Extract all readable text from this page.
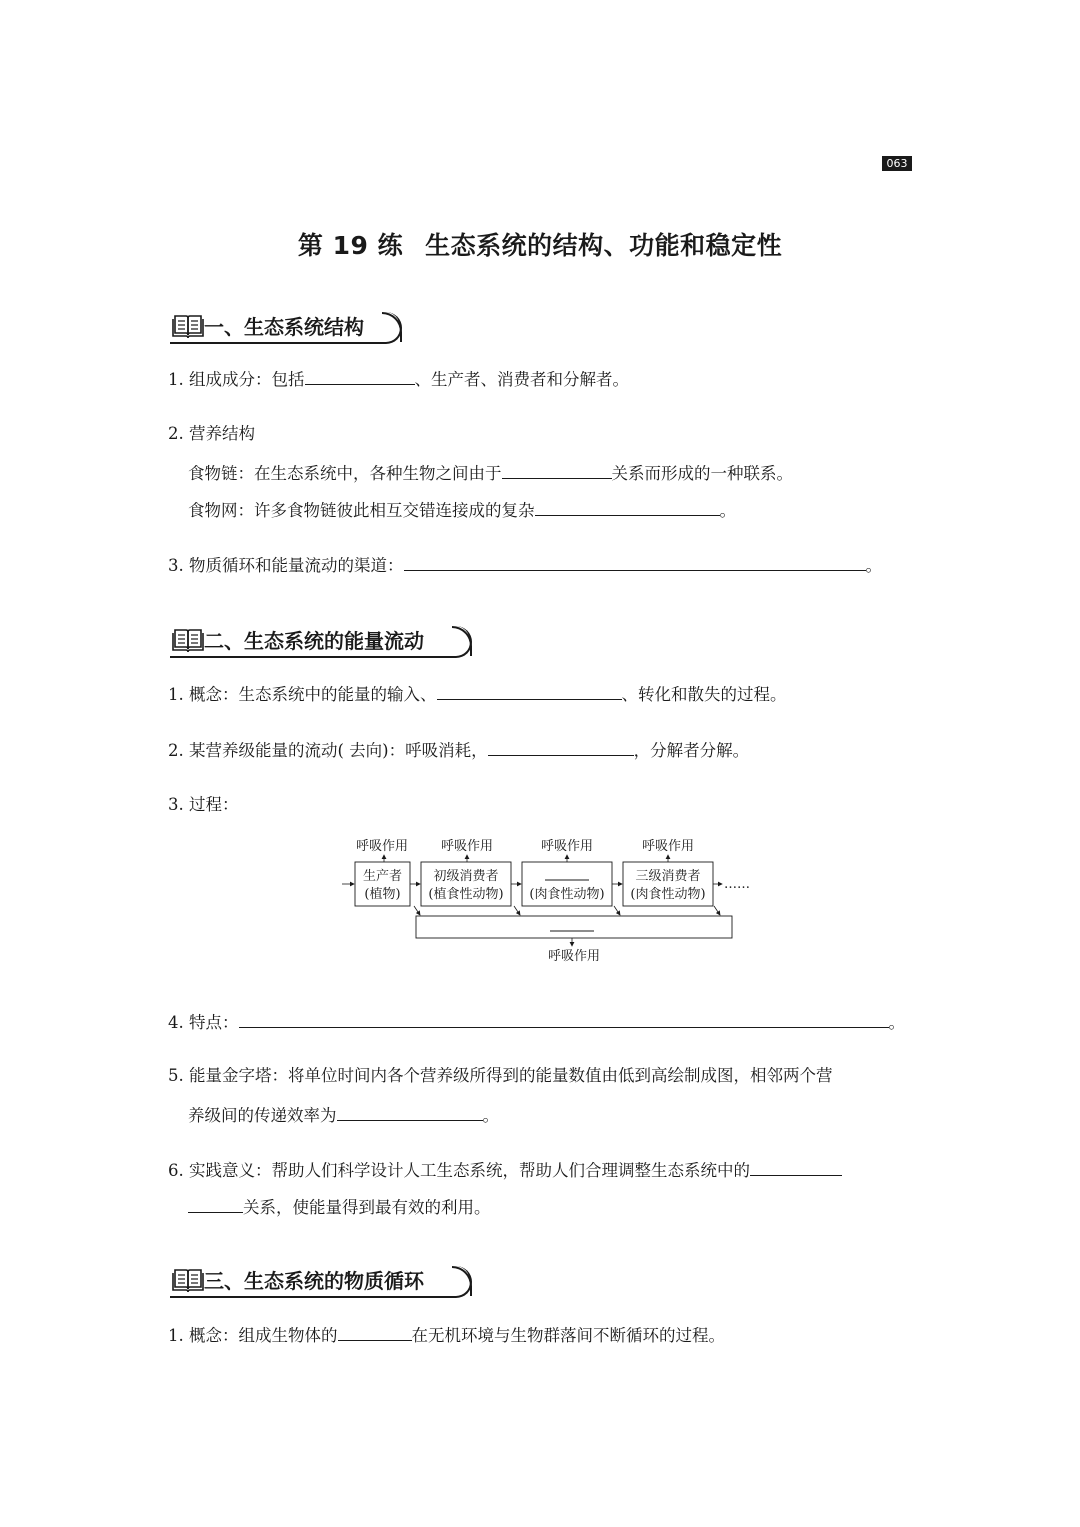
063
第 19 练 生态系统的结构、功能和稳定性
一、生态系统结构
1. 组成成分：包括	、生产者、消费者和分解者。
2. 营养结构
食物链：在生态系统中，各种生物之间由于	关系而形成的一种联系。
食物网：许多食物链彼此相互交错连接成的复杂	。
3. 物质循环和能量流动的渠道：	。
二、生态系统的能量流动
1. 概念：生态系统中的能量的输入、	、转化和散失的过程。
2. 某营养级能量的流动( 去向)：呼吸消耗，	，分解者分解。
3. 过程：
呼吸作用	呼吸作用	呼吸作用	呼吸作用
生产者
(植物)
初级消费者
(植食性动物) (肉食性动物)
三级消费者
(肉食性动物)
……
呼吸作用
4. 特点：	。
5. 能量金字塔：将单位时间内各个营养级所得到的能量数值由低到高绘制成图，相邻两个营
养级间的传递效率为	。
6. 实践意义：帮助人们科学设计人工生态系统，帮助人们合理调整生态系统中的
关系，使能量得到最有效的利用。
三、生态系统的物质循环
1. 概念：组成生物体的	在无机环境与生物群落间不断循环的过程。
